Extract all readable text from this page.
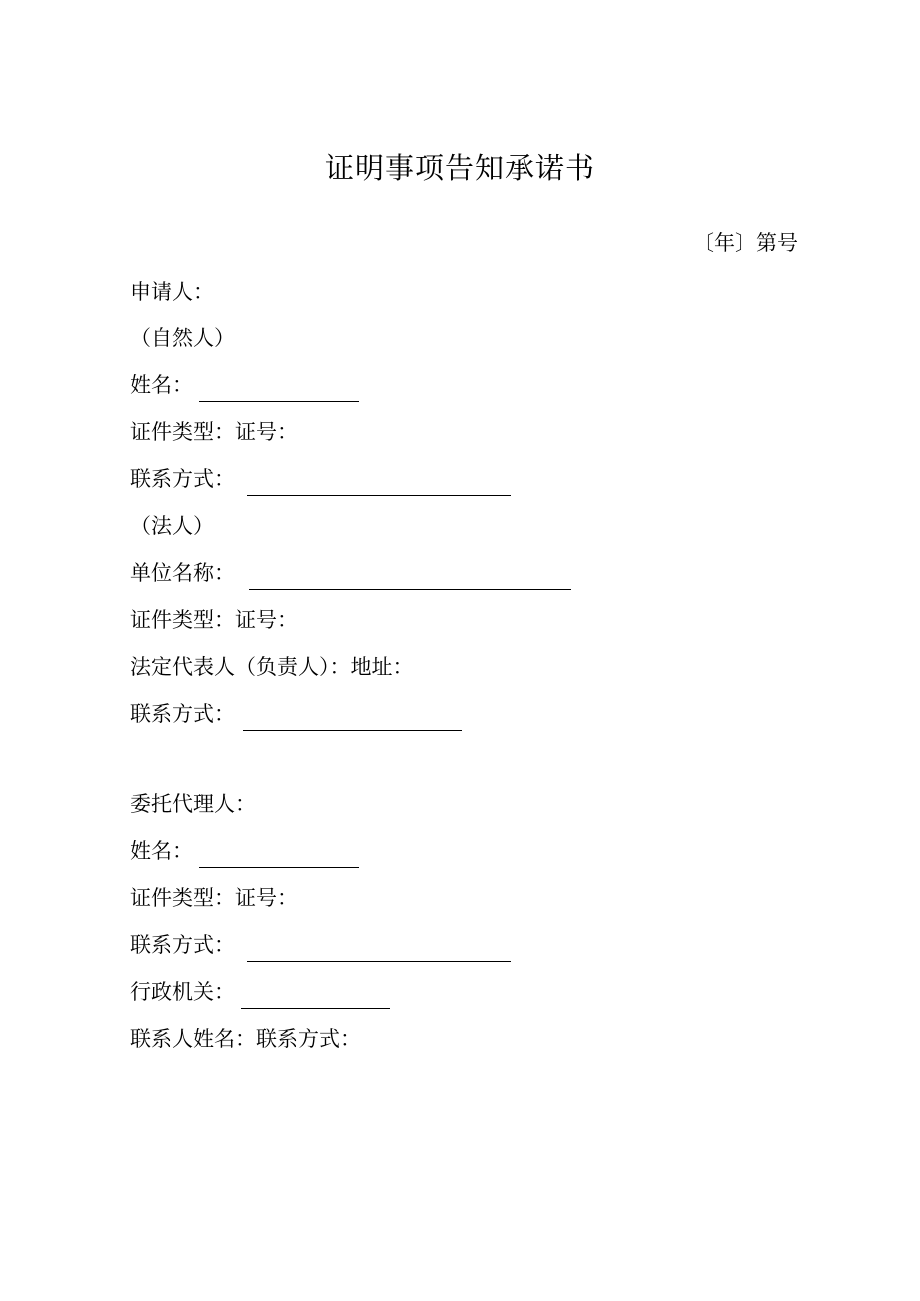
证明事项告知承诺书
〔年〕第号
申请人：
（自然人）
姓名：
证件类型：证号：
联系方式：
（法人）
单位名称：
证件类型：证号：
法定代表人（负责人）：地址：
联系方式：
委托代理人：
姓名：
证件类型：证号：
联系方式：
行政机关：
联系人姓名：联系方式：
